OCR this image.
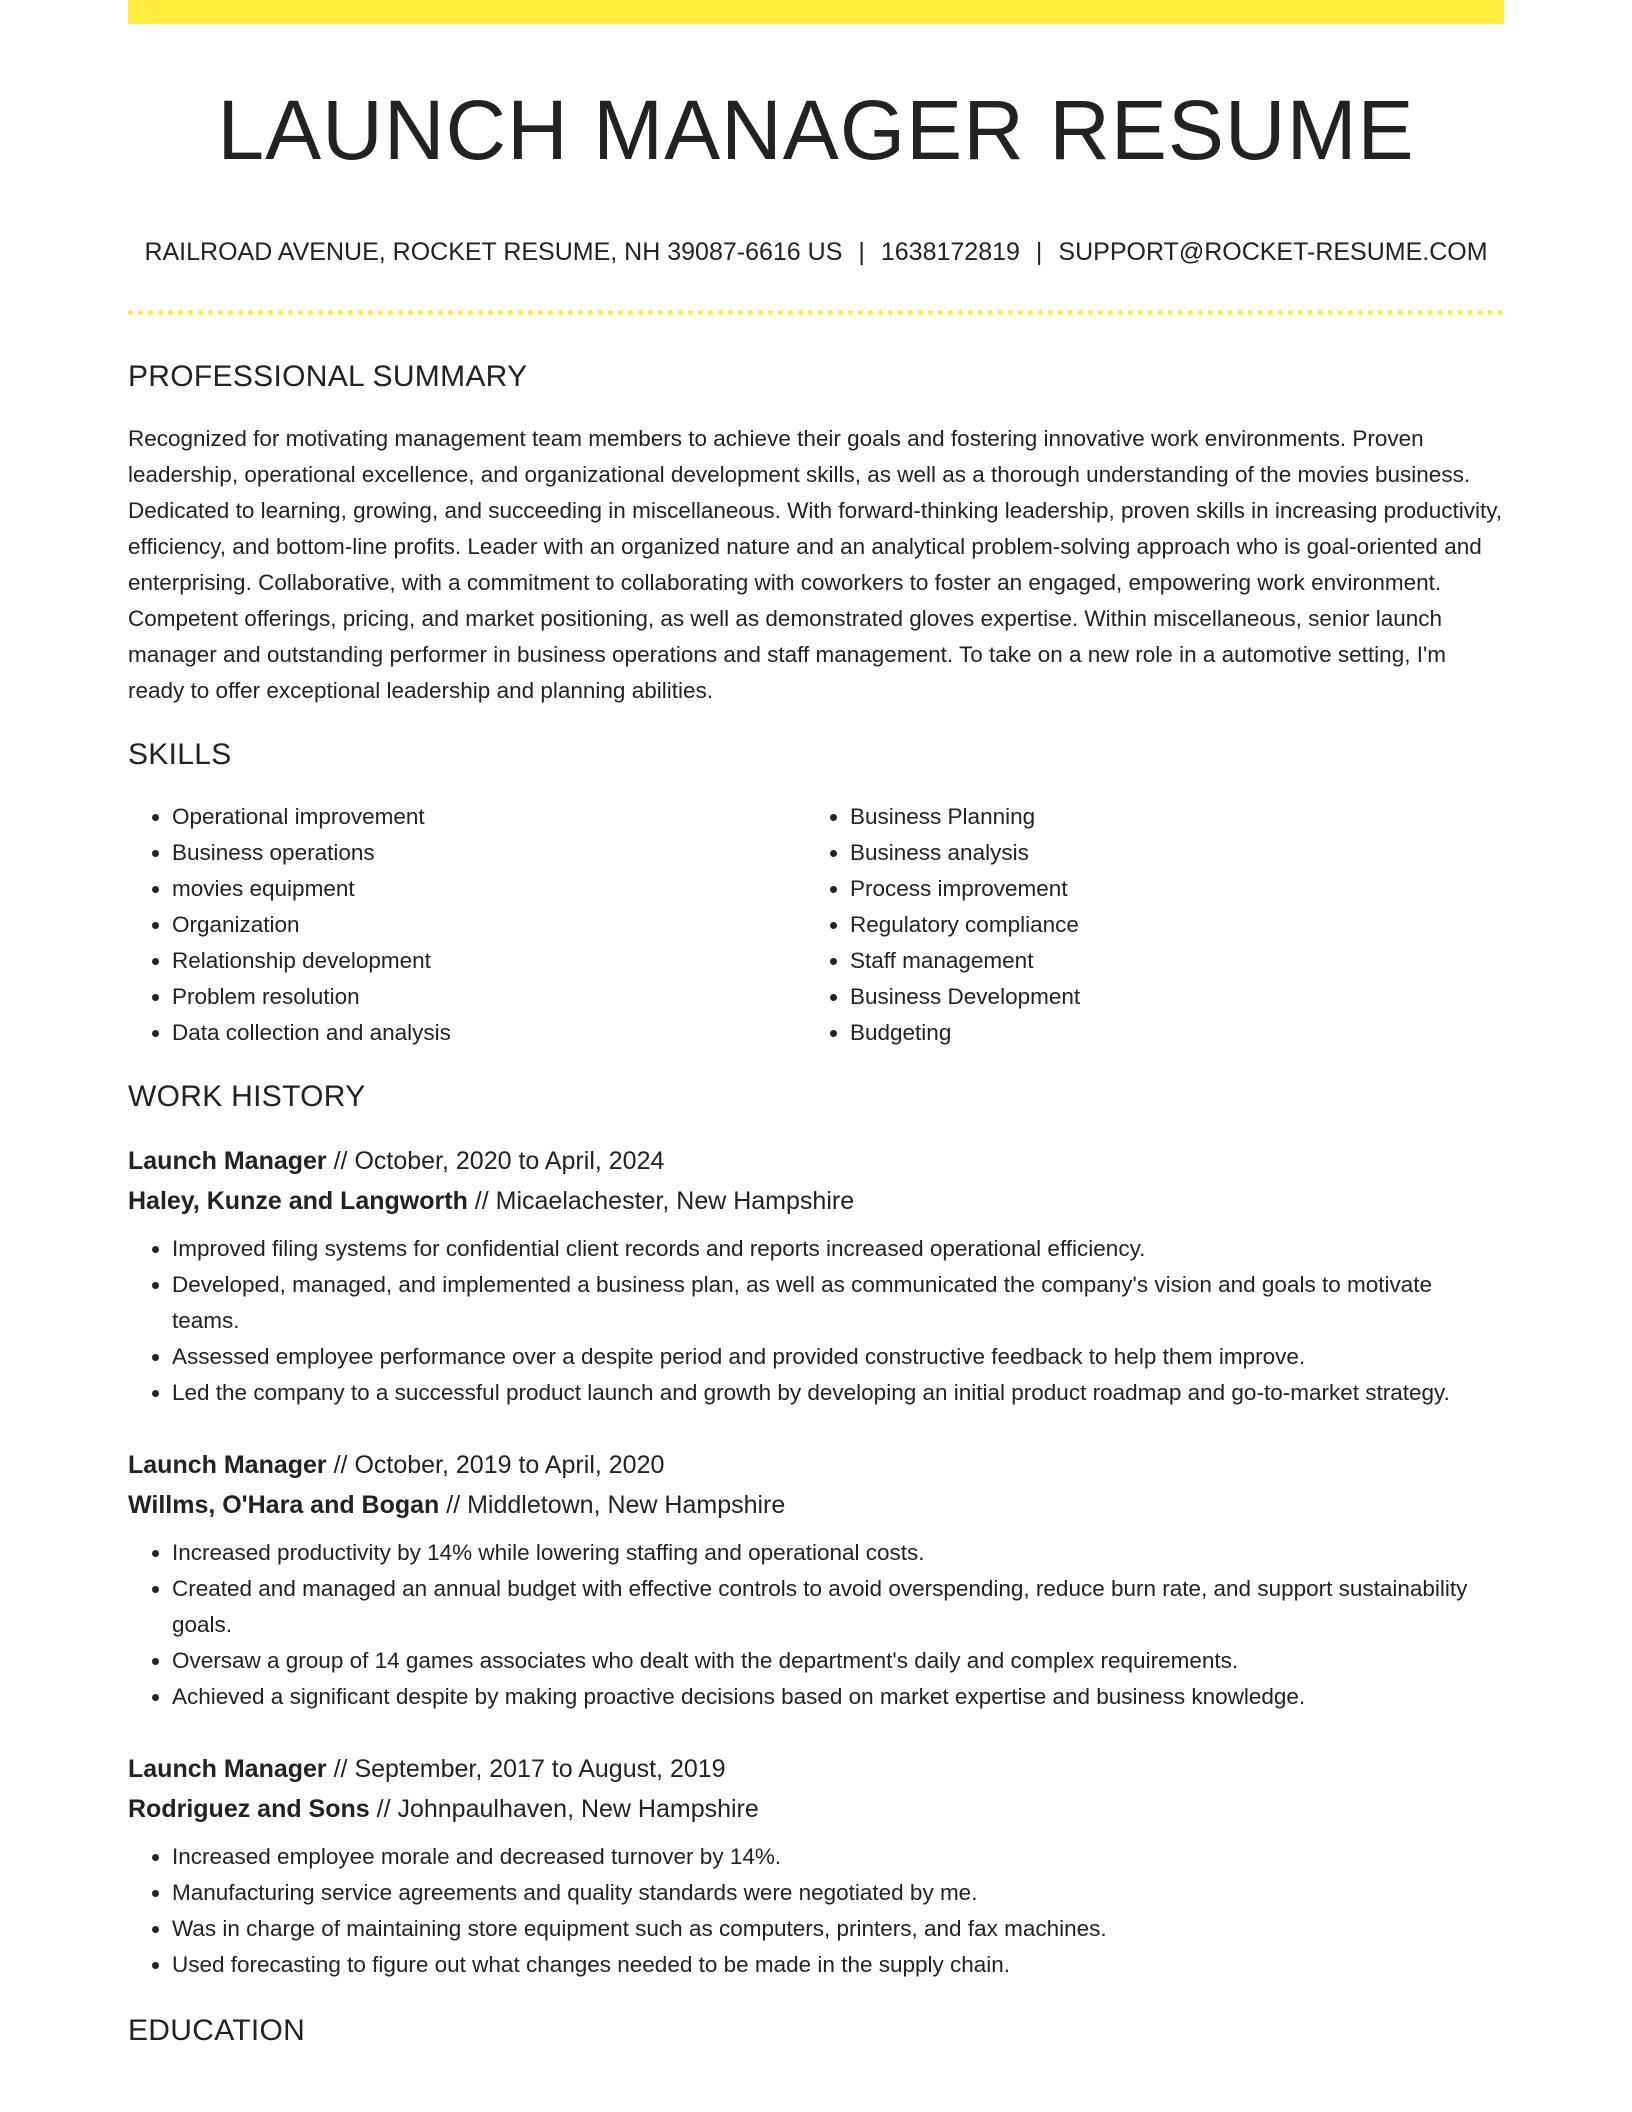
LAUNCH MANAGER RESUME
RAILROAD AVENUE, ROCKET RESUME, NH 39087-6616 US | 1638172819 | SUPPORT@ROCKET-RESUME.COM
PROFESSIONAL SUMMARY

Recognized for motivating management team members to achieve their goals and fostering innovative work environments. Proven leadership, operational excellence, and organizational development skills, as well as a thorough understanding of the movies business. Dedicated to learning, growing, and succeeding in miscellaneous. With forward-thinking leadership, proven skills in increasing productivity, efficiency, and bottom-line profits. Leader with an organized nature and an analytical problem-solving approach who is goal-oriented and enterprising. Collaborative, with a commitment to collaborating with coworkers to foster an engaged, empowering work environment. Competent offerings, pricing, and market positioning, as well as demonstrated gloves expertise. Within miscellaneous, senior launch manager and outstanding performer in business operations and staff management. To take on a new role in a automotive setting, I'm ready to offer exceptional leadership and planning abilities.

SKILLS
• Operational improvement
• Business operations
• movies equipment
• Organization
• Relationship development
• Problem resolution
• Data collection and analysis
• Business Planning
• Business analysis
• Process improvement
• Regulatory compliance
• Staff management
• Business Development
• Budgeting
WORK HISTORY
Launch Manager // October, 2020 to April, 2024
Haley, Kunze and Langworth // Micaelachester, New Hampshire
• Improved filing systems for confidential client records and reports increased operational efficiency.
• Developed, managed, and implemented a business plan, as well as communicated the company's vision and goals to motivate teams.
• Assessed employee performance over a despite period and provided constructive feedback to help them improve.
• Led the company to a successful product launch and growth by developing an initial product roadmap and go-to-market strategy.
Launch Manager // October, 2019 to April, 2020
Willms, O'Hara and Bogan // Middletown, New Hampshire
• Increased productivity by 14% while lowering staffing and operational costs.
• Created and managed an annual budget with effective controls to avoid overspending, reduce burn rate, and support sustainability goals.
• Oversaw a group of 14 games associates who dealt with the department's daily and complex requirements.
• Achieved a significant despite by making proactive decisions based on market expertise and business knowledge.
Launch Manager // September, 2017 to August, 2019
Rodriguez and Sons // Johnpaulhaven, New Hampshire
• Increased employee morale and decreased turnover by 14%.
• Manufacturing service agreements and quality standards were negotiated by me.
• Was in charge of maintaining store equipment such as computers, printers, and fax machines.
• Used forecasting to figure out what changes needed to be made in the supply chain.
EDUCATION
